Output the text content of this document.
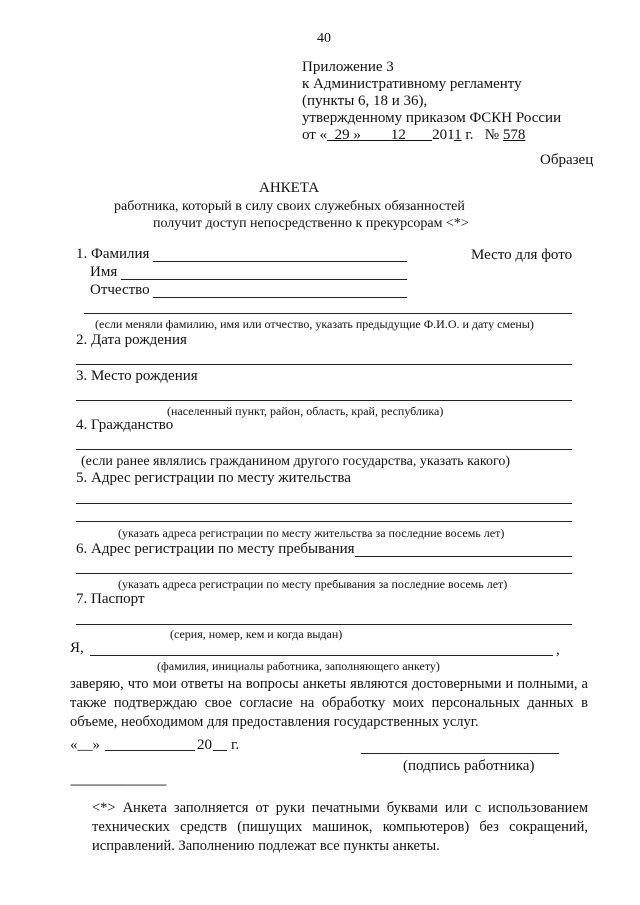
40
Приложение 3
к Административному регламенту
(пункты 6, 18 и 36),
утвержденному приказом ФСКН России
от « 29 » 12 2011 г. № 578
Образец
АНКЕТА
работника, который в силу своих служебных обязанностей
получит доступ непосредственно к прекурсорам <*>
1. Фамилия
Имя
Отчество
Место для фото
(если меняли фамилию, имя или отчество, указать предыдущие Ф.И.О. и дату смены)
2. Дата рождения
3. Место рождения
(населенный пункт, район, область, край, республика)
4. Гражданство
(если ранее являлись гражданином другого государства, указать какого)
5. Адрес регистрации по месту жительства
(указать адреса регистрации по месту жительства за последние восемь лет)
6. Адрес регистрации по месту пребывания
(указать адреса регистрации по месту пребывания за последние восемь лет)
7. Паспорт
(серия, номер, кем и когда выдан)
Я,	,
(фамилия, инициалы работника, заполняющего анкету)
заверяю, что мои ответы на вопросы анкеты являются достоверными и полными, а также подтверждаю свое согласие на обработку моих персональных данных в объеме, необходимом для предоставления государственных услуг.
«__»	20 г.
(подпись работника)
--------------------------------
<*> Анкета заполняется от руки печатными буквами или с использованием технических средств (пишущих машинок, компьютеров) без сокращений, исправлений. Заполнению подлежат все пункты анкеты.
